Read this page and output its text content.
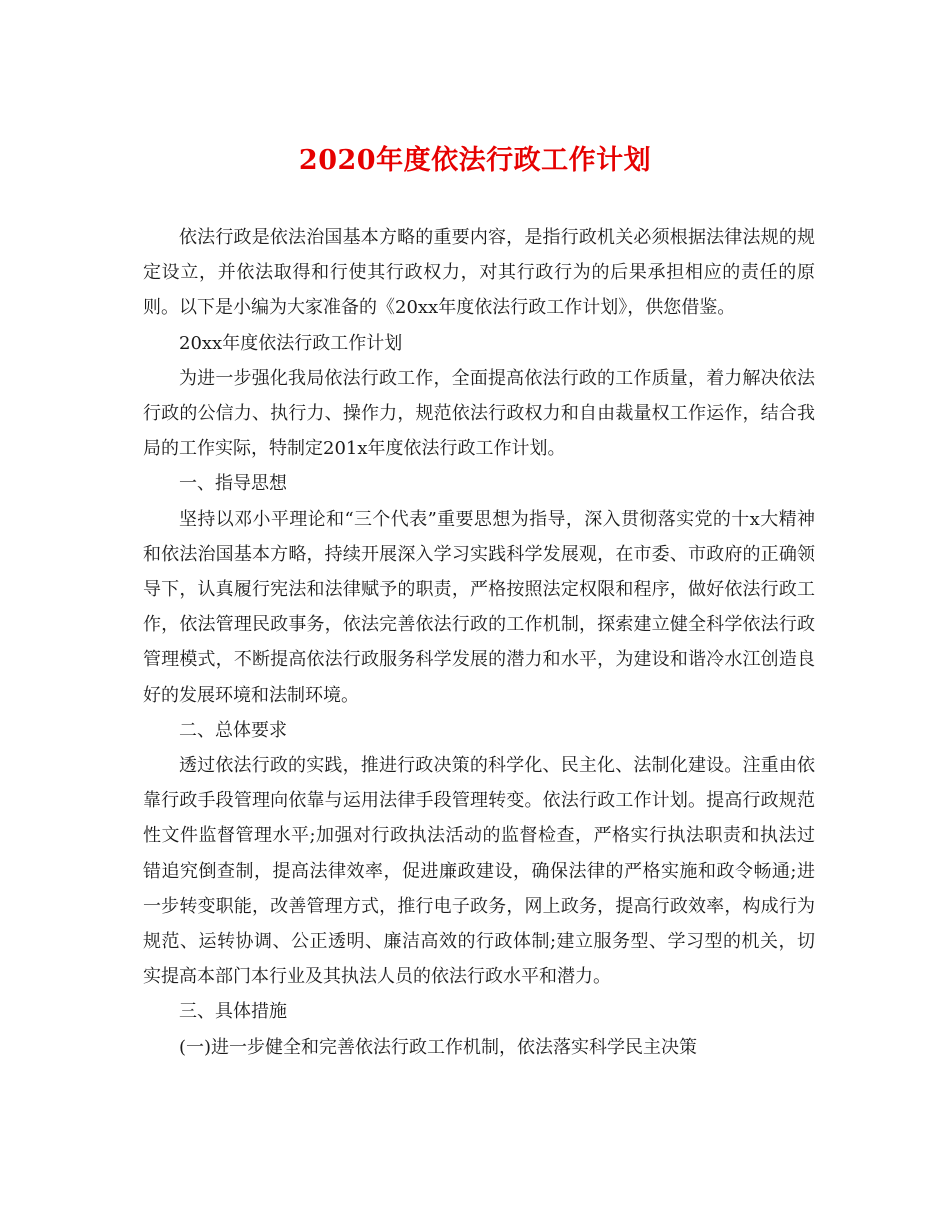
2020年度依法行政工作计划

依法行政是依法治国基本方略的重要内容，是指行政机关必须根据法律法规的规定设立，并依法取得和行使其行政权力，对其行政行为的后果承担相应的责任的原则。以下是小编为大家准备的《20xx年度依法行政工作计划》，供您借鉴。

20xx年度依法行政工作计划

为进一步强化我局依法行政工作，全面提高依法行政的工作质量，着力解决依法行政的公信力、执行力、操作力，规范依法行政权力和自由裁量权工作运作，结合我局的工作实际，特制定201x年度依法行政工作计划。

一、指导思想

坚持以邓小平理论和“三个代表”重要思想为指导，深入贯彻落实党的十x大精神和依法治国基本方略，持续开展深入学习实践科学发展观，在市委、市政府的正确领导下，认真履行宪法和法律赋予的职责，严格按照法定权限和程序，做好依法行政工作，依法管理民政事务，依法完善依法行政的工作机制，探索建立健全科学依法行政管理模式，不断提高依法行政服务科学发展的潜力和水平，为建设和谐冷水江创造良好的发展环境和法制环境。

二、总体要求

透过依法行政的实践，推进行政决策的科学化、民主化、法制化建设。注重由依靠行政手段管理向依靠与运用法律手段管理转变。依法行政工作计划。提高行政规范性文件监督管理水平;加强对行政执法活动的监督检查，严格实行执法职责和执法过错追究倒查制，提高法律效率，促进廉政建设，确保法律的严格实施和政令畅通;进一步转变职能，改善管理方式，推行电子政务，网上政务，提高行政效率，构成行为规范、运转协调、公正透明、廉洁高效的行政体制;建立服务型、学习型的机关，切实提高本部门本行业及其执法人员的依法行政水平和潜力。

三、具体措施

(一)进一步健全和完善依法行政工作机制，依法落实科学民主决策
